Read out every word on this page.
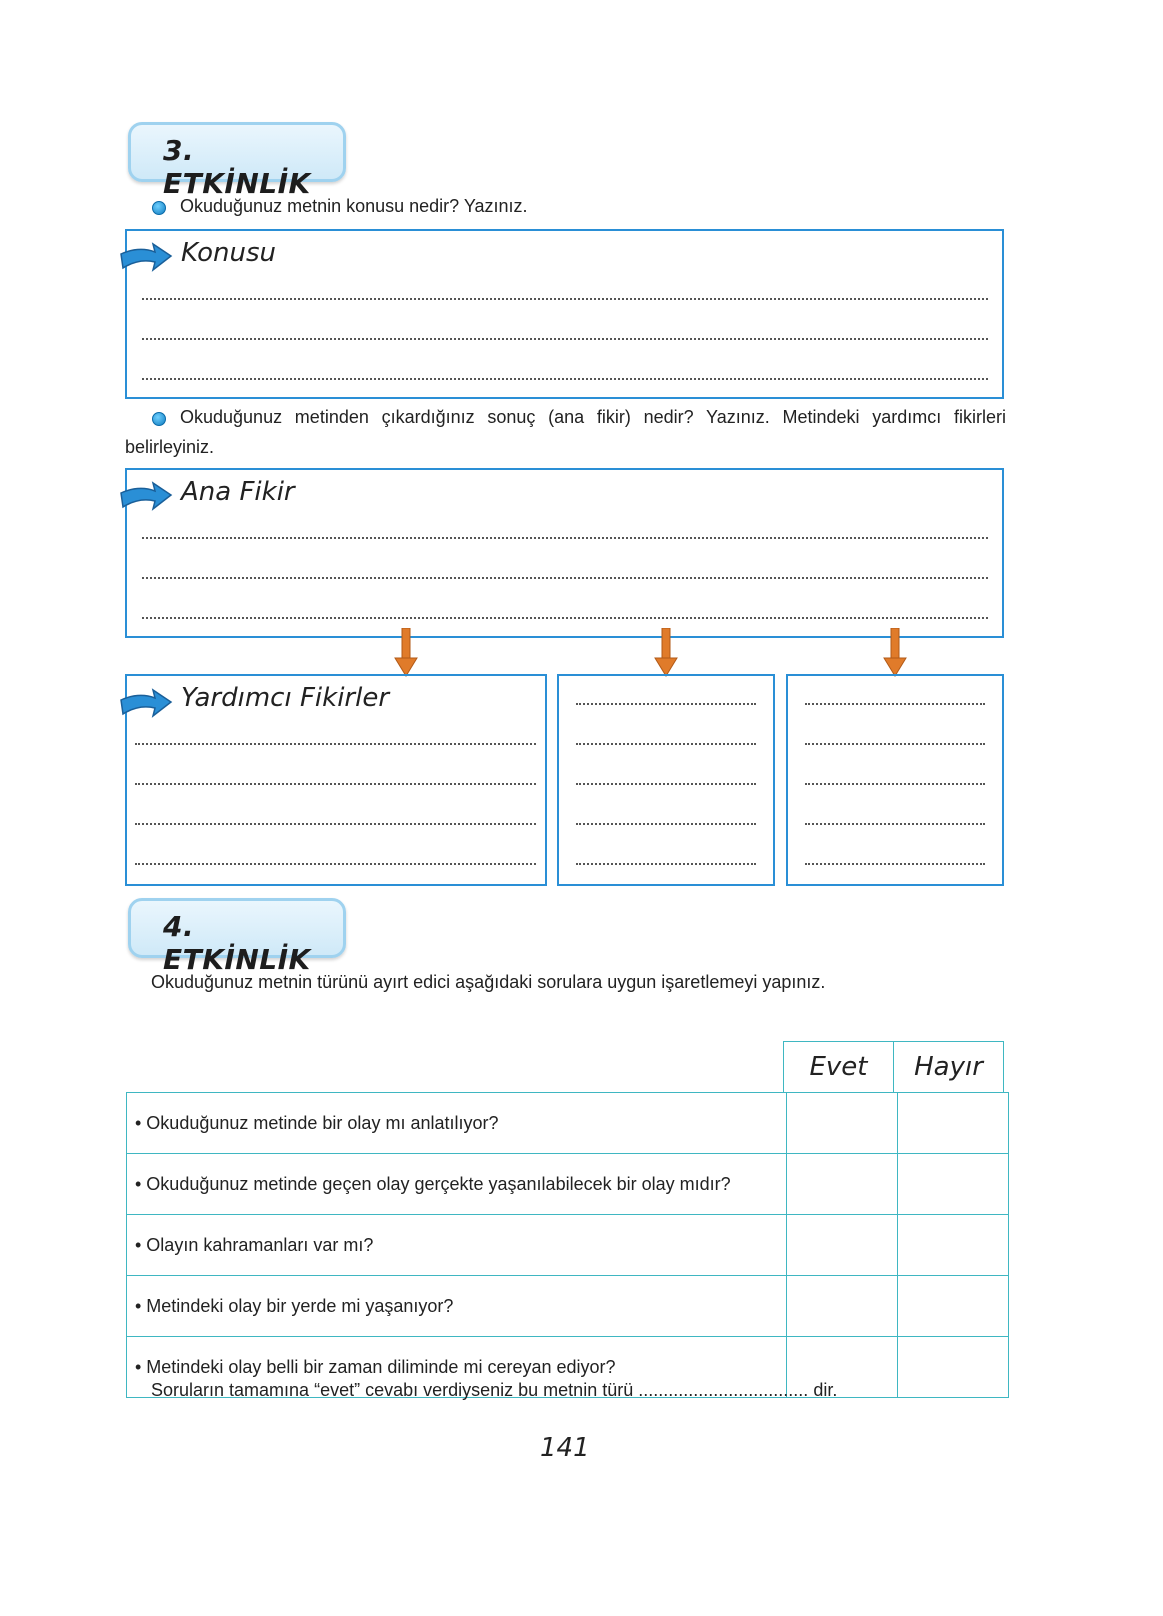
3. ETKİNLİK
Okuduğunuz metnin konusu nedir? Yazınız.
Konusu
Okuduğunuz metinden çıkardığınız sonuç (ana fikir) nedir? Yazınız. Metindeki yardımcı fikirleri
belirleyiniz.
Ana Fikir
Yardımcı Fikirler
4. ETKİNLİK
Okuduğunuz metnin türünü ayırt edici aşağıdaki sorulara uygun işaretlemeyi yapınız.
Evet	Hayır
• Okuduğunuz metinde bir olay mı anlatılıyor?		
• Okuduğunuz metinde geçen olay gerçekte yaşanılabilecek bir olay mıdır?		
• Olayın kahramanları var mı?		
• Metindeki olay bir yerde mi yaşanıyor?		
• Metindeki olay belli bir zaman diliminde mi cereyan ediyor?		
Soruların tamamına “evet” cevabı verdiyseniz bu metnin türü .................................. dir.
141
